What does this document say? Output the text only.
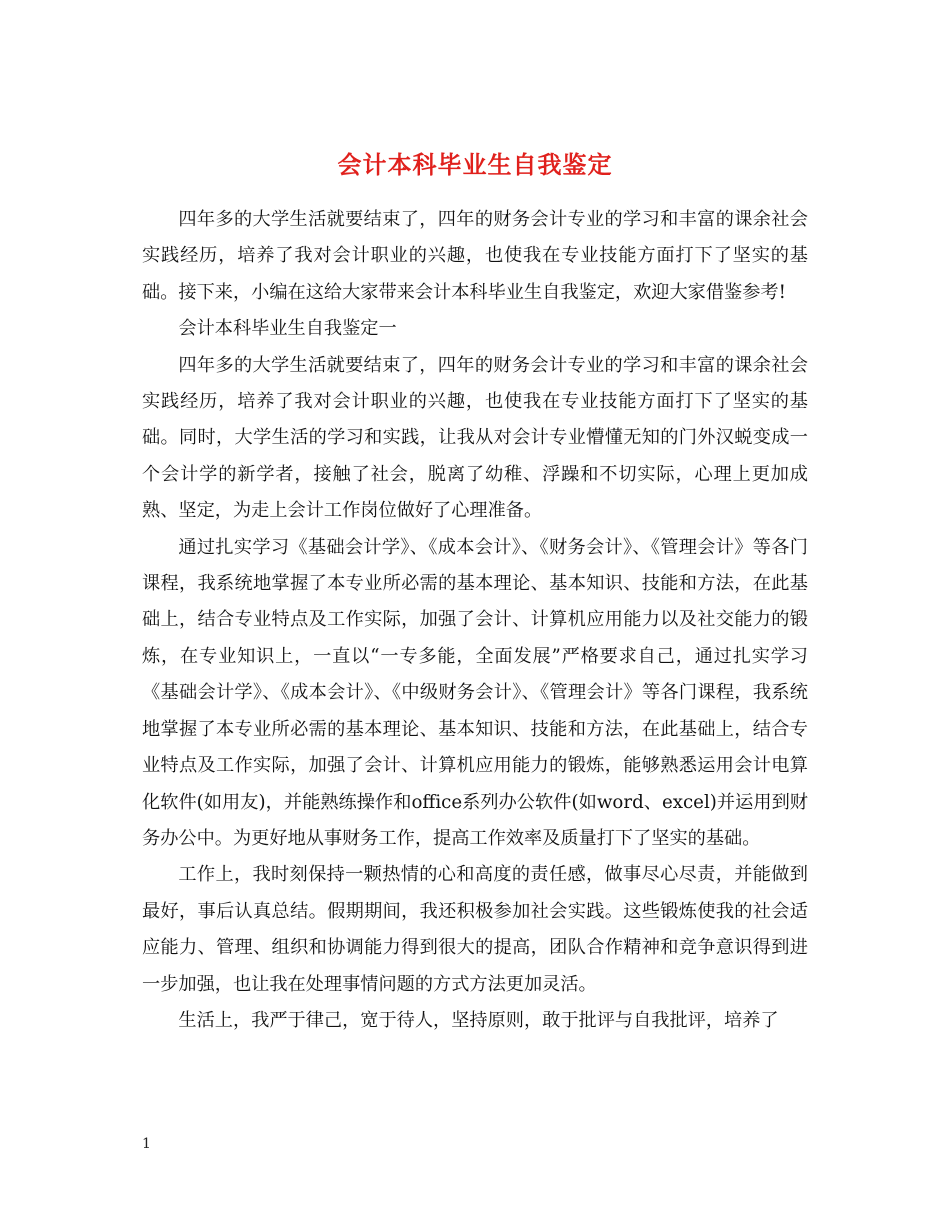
会计本科毕业生自我鉴定

四年多的大学生活就要结束了，四年的财务会计专业的学习和丰富的课余社会实践经历，培养了我对会计职业的兴趣，也使我在专业技能方面打下了坚实的基础。接下来，小编在这给大家带来会计本科毕业生自我鉴定，欢迎大家借鉴参考!

会计本科毕业生自我鉴定一

四年多的大学生活就要结束了，四年的财务会计专业的学习和丰富的课余社会实践经历，培养了我对会计职业的兴趣，也使我在专业技能方面打下了坚实的基础。同时，大学生活的学习和实践，让我从对会计专业懵懂无知的门外汉蜕变成一个会计学的新学者，接触了社会，脱离了幼稚、浮躁和不切实际，心理上更加成熟、坚定，为走上会计工作岗位做好了心理准备。

通过扎实学习《基础会计学》、《成本会计》、《财务会计》、《管理会计》等各门课程，我系统地掌握了本专业所必需的基本理论、基本知识、技能和方法，在此基础上，结合专业特点及工作实际，加强了会计、计算机应用能力以及社交能力的锻炼，在专业知识上，一直以“一专多能，全面发展”严格要求自己，通过扎实学习《基础会计学》、《成本会计》、《中级财务会计》、《管理会计》等各门课程，我系统地掌握了本专业所必需的基本理论、基本知识、技能和方法，在此基础上，结合专业特点及工作实际，加强了会计、计算机应用能力的锻炼，能够熟悉运用会计电算化软件(如用友)，并能熟练操作和office系列办公软件(如word、excel)并运用到财务办公中。为更好地从事财务工作，提高工作效率及质量打下了坚实的基础。

工作上，我时刻保持一颗热情的心和高度的责任感，做事尽心尽责，并能做到最好，事后认真总结。假期期间，我还积极参加社会实践。这些锻炼使我的社会适应能力、管理、组织和协调能力得到很大的提高，团队合作精神和竞争意识得到进一步加强，也让我在处理事情问题的方式方法更加灵活。

生活上，我严于律己，宽于待人，坚持原则，敢于批评与自我批评，培养了

1
